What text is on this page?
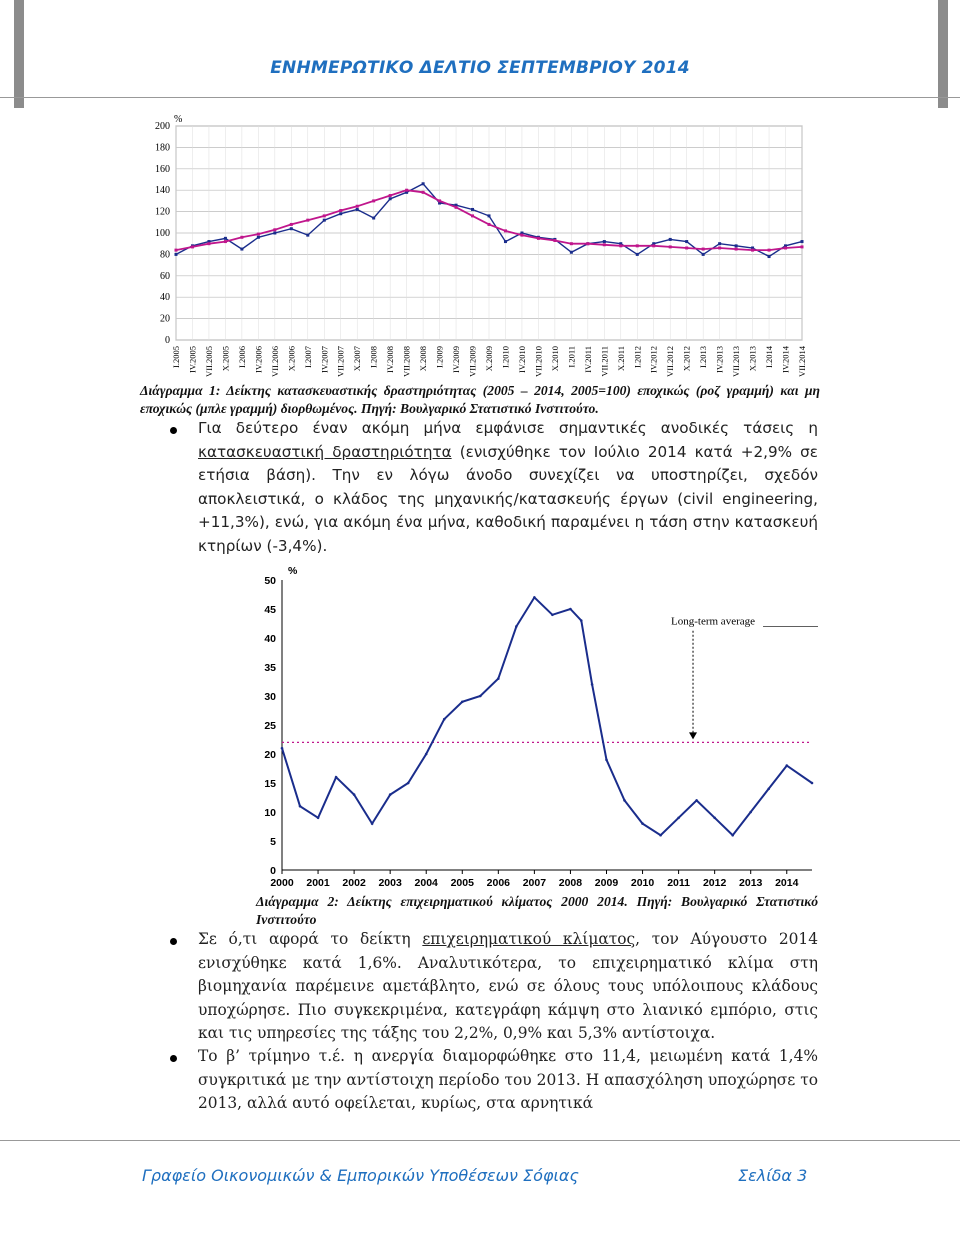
ΕΝΗΜΕΡΩΤΙΚΟ ΔΕΛΤΙΟ ΣΕΠΤΕΜΒΡΙΟΥ 2014
%
0
20
40
60
80
100
120
140
160
180
200
I.2005 IV.2005 VII.2005 X.2005 I.2006 IV.2006 VII.2006 X.2006 I.2007 IV.2007 VII.2007 X.2007 I.2008 IV.2008 VII.2008 X.2008 I.2009 IV.2009 VII.2009 X.2009 I.2010 IV.2010 VII.2010 X.2010 I.2011 IV.2011 VII.2011 X.2011 I.2012 IV.2012 VII.2012 X.2012 I.2013 IV.2013 VII.2013 X.2013 I.2014 IV.2014 VII.2014
Διάγραμμα 1: Δείκτης κατασκευαστικής δραστηριότητας (2005 – 2014, 2005=100) εποχικώς (ροζ γραμμή) και μη εποχικώς (μπλε γραμμή) διορθωμένος. Πηγή: Βουλγαρικό Στατιστικό Ινστιτούτο.
Για δεύτερο έναν ακόμη μήνα εμφάνισε σημαντικές ανοδικές τάσεις η κατασκευαστική δραστηριότητα (ενισχύθηκε τον Ιούλιο 2014 κατά +2,9% σε ετήσια βάση). Την εν λόγω άνοδο συνεχίζει να υποστηρίζει, σχεδόν αποκλειστικά, ο κλάδος της μηχανικής/κατασκευής έργων (civil engineering, +11,3%), ενώ, για ακόμη ένα μήνα, καθοδική παραμένει η τάση στην κατασκευή κτηρίων (-3,4%).
%
0
5
10
15
20
25
30
35
40
45
50
2000 2001 2002 2003 2004 2005 2006 2007 2008 2009 2010 2011 2012 2013 2014
Long-term average
Διάγραμμα 2: Δείκτης επιχειρηματικού κλίματος 2000 2014. Πηγή: Βουλγαρικό Στατιστικό Ινστιτούτο
Σε ό,τι αφορά το δείκτη επιχειρηματικού κλίματος, τον Αύγουστο 2014 ενισχύθηκε κατά 1,6%. Αναλυτικότερα, το επιχειρηματικό κλίμα στη βιομηχανία παρέμεινε αμετάβλητο, ενώ σε όλους τους υπόλοιπους κλάδους υποχώρησε. Πιο συγκεκριμένα, κατεγράφη κάμψη στο λιανικό εμπόριο, στις και τις υπηρεσίες της τάξης του 2,2%, 0,9% και 5,3% αντίστοιχα.
Το β’ τρίμηνο τ.έ. η ανεργία διαμορφώθηκε στο 11,4, μειωμένη κατά 1,4% συγκριτικά με την αντίστοιχη περίοδο του 2013. Η απασχόληση υποχώρησε το 2013, αλλά αυτό οφείλεται, κυρίως, στα αρνητικά
Γραφείο Οικονομικών & Εμπορικών Υποθέσεων Σόφιας	Σελίδα 3
